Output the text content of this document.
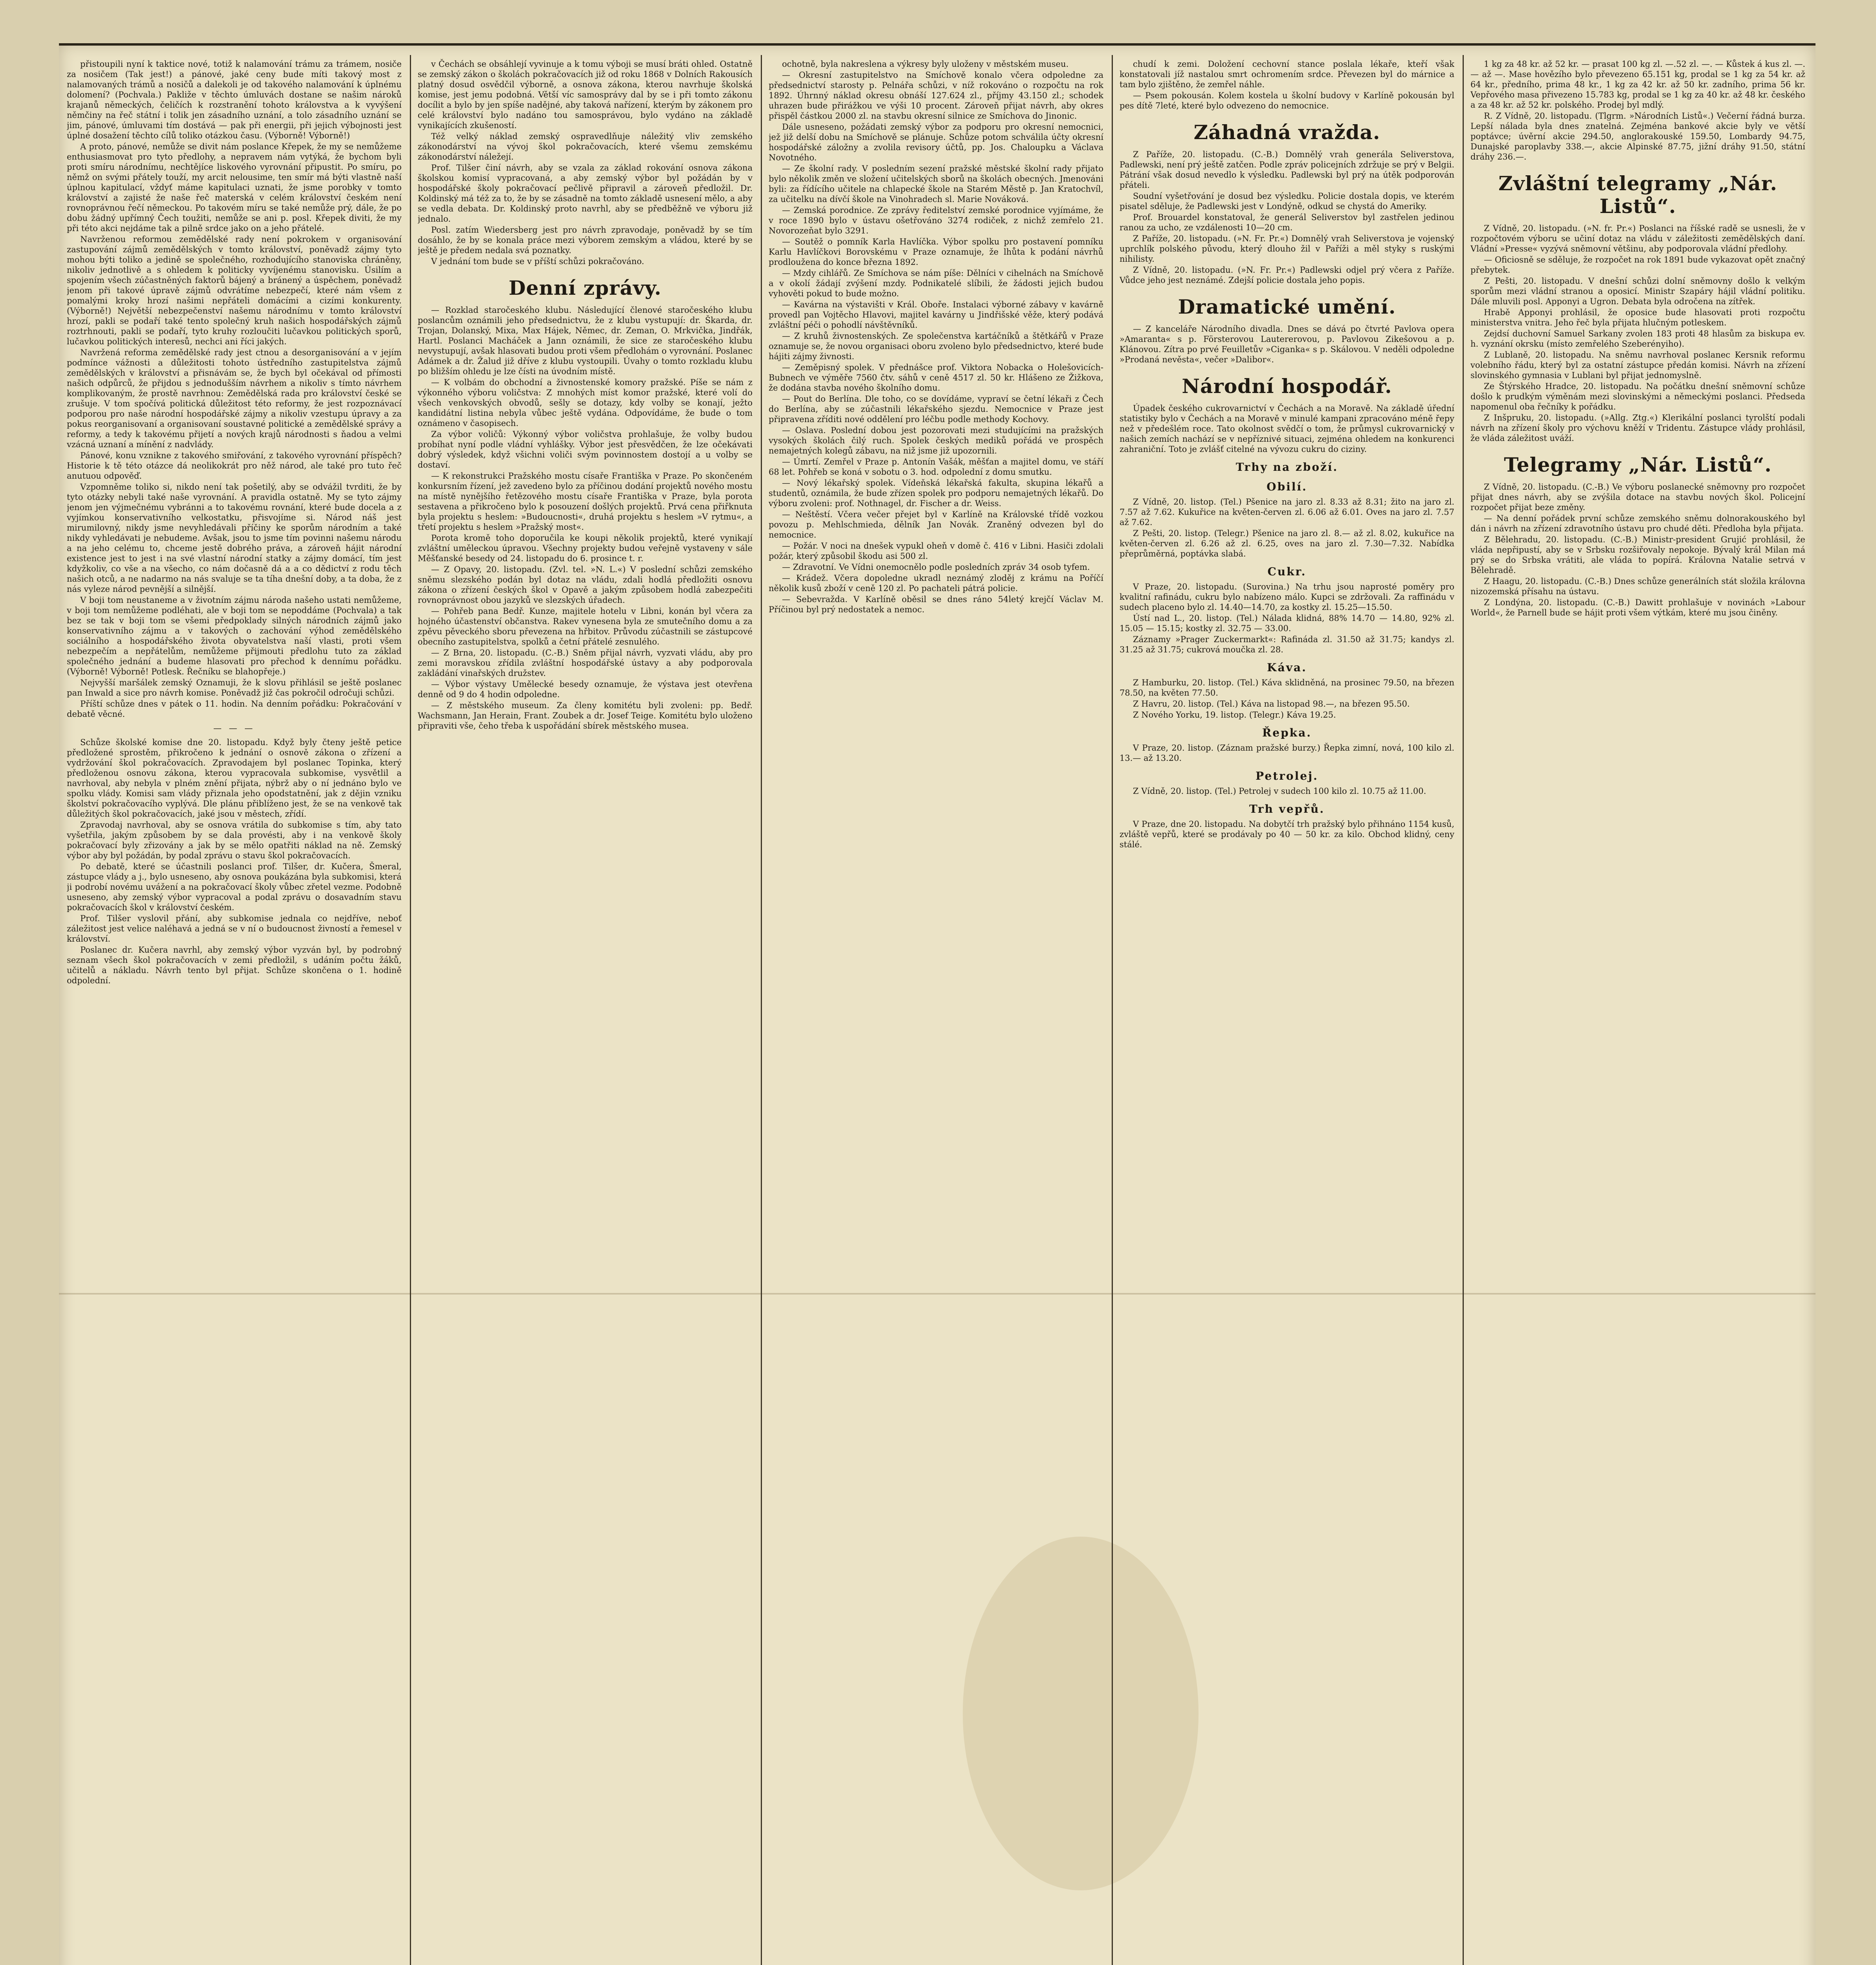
přistoupili nyní k taktice nové, totiž k nalamování trámu za trámem, nosiče za nosičem (Tak jest!) a pánové, jaké ceny bude míti takový most z nalamovaných trámů a nosičů a dalekoli je od takového nalamování k úplnému dolomení? (Pochvala.) Pakliže v těchto úmluvách dostane se našim nároků krajanů německých, čeličích k rozstranění tohoto královstva a k vyvýšení němčiny na řeč státní i tolik jen zásadního uznání, a tolo zásadního uznání se jim, pánové, úmluvami tím dostává — pak při energii, při jejich výbojnosti jest úplné dosažení těchto cílů toliko otázkou času. (Výborně! Výborně!)

A proto, pánové, nemůže se divit nám poslance Křepek, že my se nemůžeme enthusiasmovat pro tyto předlohy, a nepravem nám vytýká, že bychom byli proti smíru národnímu, nechtějíce liskového vyrovnání připustit. Po smíru, po němž on svými přátely touží, my arcit nelousime, ten smír má býti vlastně naší úplnou kapitulací, vždyť máme kapitulaci uznati, že jsme porobky v tomto království a zajisté že naše řeč materská v celém království českém není rovnoprávnou řečí německou. Po takovém míru se také nemůže prý, dále, že po dobu žádný upřímný Čech toužiti, nemůže se ani p. posl. Křepek diviti, že my při této akci nejdáme tak a pilně srdce jako on a jeho přátelé.

Navrženou reformou zemědělské rady není pokrokem v organisování zastupování zájmů zemědělských v tomto království, poněvadž zájmy tyto mohou býti toliko a jedině se společného, rozhodujícího stanoviska chráněny, nikoliv jednotlivě a s ohledem k politicky vyvíjenému stanovisku. Úsilím a spojením všech zúčastněných faktorů bájený a bránený a úspěchem, poněvadž jenom při takové úpravě zájmů odvrátíme nebezpečí, které nám všem z pomalými kroky hrozí našimi nepřáteli domácími a cizími konkurenty. (Výborně!) Největší nebezpečenství našemu národnímu v tomto království hrozí, pakli se podaří také tento společný kruh našich hospodářských zájmů roztrhnouti, pakli se podaří, tyto kruhy rozloučiti lučavkou politických sporů, lučavkou politických interesů, nechci ani říci jakých.

Navržená reforma zemědělské rady jest ctnou a desorganisování a v jejím podmínce vážnosti a důležitosti tohoto ústředního zastupitelstva zájmů zemědělských v království a přisnávám se, že bych byl očekával od přímosti našich odpůrců, že přijdou s jednodušším návrhem a nikoliv s tímto návrhem komplikovaným, že prostě navrhnou: Zemědělská rada pro království české se zrušuje. V tom spočívá politická důležitost této reformy, že jest rozpoznávací podporou pro naše národní hospodářské zájmy a nikoliv vzestupu úpravy a za pokus reorganisovaní a organisovaní soustavné politické a zemědělské správy a reformy, a tedy k takovému přijetí a nových krajů národnosti s ňadou a velmi vzácná uznaní a mínění z nadvlády.

Pánové, konu vznikne z takového smiřování, z takového vyrovnání příspěch? Historie k tě této otázce dá neolikokrát pro něž národ, ale také pro tuto řeč anutuou odpověď.

Vzpomněme toliko si, nikdo není tak pošetilý, aby se odvážil tvrditi, že by tyto otázky nebyli také naše vyrovnání. A pravidla ostatně. My se tyto zájmy jenom jen výjmečnému vybránni a to takovému rovnání, které bude docela a z vyjímkou konservativního velkostatku, přisvojíme si. Národ náš jest mirumilovný, nikdy jsme nevyhledávali příčiny ke sporům národním a také nikdy vyhledávati je nebudeme. Avšak, jsou to jsme tím povinni našemu národu a na jeho celému to, chceme jestě dobrého práva, a zároveň hájit národní existence jest to jest i na své vlastní národní statky a zájmy domácí, tím jest kdyžkoliv, co vše a na všecho, co nám dočasně dá a a co dědictví z rodu těch našich otců, a ne nadarmo na nás svaluje se ta tíha dnešní doby, a ta doba, že z nás vyleze národ pevnější a silnější.

V boji tom neustaneme a v životním zájmu národa našeho ustati nemůžeme, v boji tom nemůžeme podléhati, ale v boji tom se nepoddáme (Pochvala) a tak bez se tak v boji tom se všemi předpoklady silných národních zájmů jako konservativního zájmu a v takových o zachování výhod zemědělského sociálního a hospodářského života obyvatelstva naší vlasti, proti všem nebezpečím a nepřátelům, nemůžeme přijmouti předlohu tuto za základ společného jednání a budeme hlasovati pro přechod k dennímu pořádku. (Výborně! Výborně! Potlesk. Řečníku se blahopřeje.)

Nejvyšší maršálek zemský Oznamuji, že k slovu přihlásil se ještě poslanec pan Inwald a sice pro návrh komise. Poněvadž již čas pokročil odročuji schůzi.

Příští schůze dnes v pátek o 11. hodin. Na denním pořádku: Pokračování v debatě věcné.

— — —

Schůze školské komise dne 20. listopadu. Když byly čteny ještě petice předložené sprostěm, přikročeno k jednání o osnově zákona o zřízení a vydržování škol pokračovacích. Zpravodajem byl poslanec Topinka, který předloženou osnovu zákona, kterou vypracovala subkomise, vysvětlil a navrhoval, aby nebyla v plném znění přijata, nýbrž aby o ní jednáno bylo ve spolku vlády. Komisi sam vlády přiznala jeho opodstatnění, jak z dějin vzniku školství pokračovacího vyplývá. Dle plánu přiblíženo jest, že se na venkově tak důležitých škol pokračovacích, jaké jsou v městech, zřídí.

Zpravodaj navrhoval, aby se osnova vrátila do subkomise s tím, aby tato vyšetřila, jakým způsobem by se dala provésti, aby i na venkově školy pokračovací byly zřizovány a jak by se mělo opatřiti náklad na ně. Zemský výbor aby byl požádán, by podal zprávu o stavu škol pokračovacích.

Po debatě, které se účastnili poslanci prof. Tilšer, dr. Kučera, Šmeral, zástupce vlády a j., bylo usneseno, aby osnova poukázána byla subkomisi, která ji podrobí novému uvážení a na pokračovací školy vůbec zřetel vezme. Podobně usneseno, aby zemský výbor vypracoval a podal zprávu o dosavadním stavu pokračovacích škol v království českém.

Prof. Tilšer vyslovil přání, aby subkomise jednala co nejdříve, neboť záležitost jest velice naléhavá a jedná se v ní o budoucnost živností a řemesel v království.

Poslanec dr. Kučera navrhl, aby zemský výbor vyzván byl, by podrobný seznam všech škol pokračovacích v zemi předložil, s udáním počtu žáků, učitelů a nákladu. Návrh tento byl přijat. Schůze skončena o 1. hodině odpolední.

v Čechách se obsáhlejí vyvinuje a k tomu výboji se musí bráti ohled. Ostatně se zemský zákon o školách pokračovacích již od roku 1868 v Dolních Rakousích platný dosud osvědčil výborně, a osnova zákona, kterou navrhuje školská komise, jest jemu podobná. Větší víc samosprávy dal by se i při tomto zákonu docílit a bylo by jen spíše nadějné, aby taková nařízení, kterým by zákonem pro celé království bylo nadáno tou samosprávou, bylo vydáno na základě vynikajících zkušeností.

Též velký náklad zemský ospravedlňuje náležitý vliv zemského zákonodárství na vývoj škol pokračovacích, které všemu zemskému zákonodárství náležejí.

Prof. Tilšer činí návrh, aby se vzala za základ rokování osnova zákona školskou komisí vypracovaná, a aby zemský výbor byl požádán by v hospodářské školy pokračovací pečlivě připravil a zároveň předložil. Dr. Koldinský má též za to, že by se zásadně na tomto základě usnesení mělo, a aby se vedla debata. Dr. Koldinský proto navrhl, aby se předběžně ve výboru již jednalo.

Posl. zatím Wiedersberg jest pro návrh zpravodaje, poněvadž by se tím dosáhlo, že by se konala práce mezi výborem zemským a vládou, které by se ještě je předem nedala svá poznatky.

V jednání tom bude se v příští schůzi pokračováno.

Denní zprávy.

— Rozklad staročeského klubu. Následující členové staročeského klubu poslancům oznámili jeho předsednictvu, že z klubu vystupují: dr. Škarda, dr. Trojan, Dolanský, Mixa, Max Hájek, Němec, dr. Zeman, O. Mrkvička, Jindřák, Hartl. Poslanci Macháček a Jann oznámili, že sice ze staročeského klubu nevystupují, avšak hlasovati budou proti všem předlohám o vyrovnání. Poslanec Adámek a dr. Žalud již dříve z klubu vystoupili. Úvahy o tomto rozkladu klubu po bližším ohledu je lze čísti na úvodním místě.

— K volbám do obchodní a živnostenské komory pražské. Píše se nám z výkonného výboru voličstva: Z mnohých míst komor pražské, které volí do všech venkovských obvodů, sešly se dotazy, kdy volby se konají, ježto kandidátní listina nebyla vůbec ještě vydána. Odpovídáme, že bude o tom oznámeno v časopisech.

Za výbor voličů: Výkonný výbor voličstva prohlašuje, že volby budou probíhat nyní podle vládní vyhlášky. Výbor jest přesvědčen, že lze očekávati dobrý výsledek, když všichni voliči svým povinnostem dostojí a u volby se dostaví.

— K rekonstrukci Pražského mostu císaře Františka v Praze. Po skončeném konkursním řízení, jež zavedeno bylo za příčinou dodání projektů nového mostu na místě nynějšího řetězového mostu císaře Františka v Praze, byla porota sestavena a přikročeno bylo k posouzení došlých projektů. Prvá cena přiřknuta byla projektu s heslem: »Budoucnosti«, druhá projektu s heslem »V rytmu«, a třetí projektu s heslem »Pražský most«.

Porota kromě toho doporučila ke koupi několik projektů, které vynikají zvláštní uměleckou úpravou. Všechny projekty budou veřejně vystaveny v sále Měšťanské besedy od 24. listopadu do 6. prosince t. r.

— Z Opavy, 20. listopadu. (Zvl. tel. »N. L.«) V poslední schůzi zemského sněmu slezského podán byl dotaz na vládu, zdali hodlá předložiti osnovu zákona o zřízení českých škol v Opavě a jakým způsobem hodlá zabezpečiti rovnoprávnost obou jazyků ve slezských úřadech.

— Pohřeb pana Bedř. Kunze, majitele hotelu v Libni, konán byl včera za hojného účastenství občanstva. Rakev vynesena byla ze smutečního domu a za zpěvu pěveckého sboru převezena na hřbitov. Průvodu zúčastnili se zástupcové obecního zastupitelstva, spolků a četní přátelé zesnulého.

— Z Brna, 20. listopadu. (C.-B.) Sněm přijal návrh, vyzvati vládu, aby pro zemi moravskou zřídila zvláštní hospodářské ústavy a aby podporovala zakládání vinařských družstev.

— Výbor výstavy Umělecké besedy oznamuje, že výstava jest otevřena denně od 9 do 4 hodin odpoledne.

— Z městského museum. Za členy komitétu byli zvoleni: pp. Bedř. Wachsmann, Jan Herain, Frant. Zoubek a dr. Josef Teige. Komitétu bylo uloženo připraviti vše, čeho třeba k uspořádání sbírek městského musea.

ochotně, byla nakreslena a výkresy byly uloženy v městském museu.

— Okresní zastupitelstvo na Smíchově konalo včera odpoledne za předsednictví starosty p. Pelnářa schůzi, v níž rokováno o rozpočtu na rok 1892. Úhrnný náklad okresu obnáší 127.624 zl., příjmy 43.150 zl.; schodek uhrazen bude přirážkou ve výši 10 procent. Zároveň přijat návrh, aby okres přispěl částkou 2000 zl. na stavbu okresní silnice ze Smíchova do Jinonic.

Dále usneseno, požádati zemský výbor za podporu pro okresní nemocnici, jež již delší dobu na Smíchově se plánuje. Schůze potom schválila účty okresní hospodářské záložny a zvolila revisory účtů, pp. Jos. Chaloupku a Václava Novotného.

— Ze školní rady. V posledním sezení pražské městské školní rady přijato bylo několik změn ve složení učitelských sborů na školách obecných. Jmenováni byli: za řídícího učitele na chlapecké škole na Starém Městě p. Jan Kratochvíl, za učitelku na dívčí škole na Vinohradech sl. Marie Nováková.

— Zemská porodnice. Ze zprávy ředitelství zemské porodnice vyjímáme, že v roce 1890 bylo v ústavu ošetřováno 3274 rodiček, z nichž zemřelo 21. Novorozeňat bylo 3291.

— Soutěž o pomník Karla Havlíčka. Výbor spolku pro postavení pomníku Karlu Havlíčkovi Borovskému v Praze oznamuje, že lhůta k podání návrhů prodloužena do konce března 1892.

— Mzdy cihlářů. Ze Smíchova se nám píše: Dělníci v cihelnách na Smíchově a v okolí žádají zvýšení mzdy. Podnikatelé slíbili, že žádosti jejich budou vyhověti pokud to bude možno.

— Kavárna na výstavišti v Král. Oboře. Instalaci výborné zábavy v kavárně provedl pan Vojtěcho Hlavovi, majitel kavárny u Jindřišské věže, který podává zvláštní péči o pohodlí návštěvníků.

— Z kruhů živnostenských. Ze společenstva kartáčníků a štětkářů v Praze oznamuje se, že novou organisaci oboru zvoleno bylo předsednictvo, které bude hájiti zájmy živnosti.

— Zeměpisný spolek. V přednášce prof. Viktora Nobacka o Holešovicích-Bubnech ve výměře 7560 čtv. sáhů v ceně 4517 zl. 50 kr. Hlášeno ze Žižkova, že dodána stavba nového školního domu.

— Pout do Berlína. Dle toho, co se dovídáme, vypraví se četní lékaři z Čech do Berlína, aby se zúčastnili lékařského sjezdu. Nemocnice v Praze jest připravena zříditi nové oddělení pro léčbu podle methody Kochovy.

— Oslava. Poslední dobou jest pozorovati mezi studujícími na pražských vysokých školách čilý ruch. Spolek českých mediků pořádá ve prospěch nemajetných kolegů zábavu, na niž jsme již upozornili.

— Úmrtí. Zemřel v Praze p. Antonín Vašák, měšťan a majitel domu, ve stáří 68 let. Pohřeb se koná v sobotu o 3. hod. odpolední z domu smutku.

— Nový lékařský spolek. Vídeňská lékařská fakulta, skupina lékařů a studentů, oznámila, že bude zřízen spolek pro podporu nemajetných lékařů. Do výboru zvoleni: prof. Nothnagel, dr. Fischer a dr. Weiss.

— Neštěstí. Včera večer přejet byl v Karlíně na Královské třídě vozkou povozu p. Mehlschmieda, dělník Jan Novák. Zraněný odvezen byl do nemocnice.

— Požár. V noci na dnešek vypukl oheň v domě č. 416 v Libni. Hasiči zdolali požár, který způsobil škodu asi 500 zl.

— Zdravotní. Ve Vídni onemocnělo podle posledních zpráv 34 osob tyfem.

— Krádež. Včera dopoledne ukradl neznámý zloděj z krámu na Poříčí několik kusů zboží v ceně 120 zl. Po pachateli pátrá policie.

— Sebevražda. V Karlíně oběsil se dnes ráno 54letý krejčí Václav M. Příčinou byl prý nedostatek a nemoc.

chudí k zemi. Doložení cechovní stance poslala lékaře, kteří však konstatovali jíž nastalou smrt ochromením srdce. Převezen byl do márnice a tam bylo zjištěno, že zemřel náhle.

— Psem pokousán. Kolem kostela u školní budovy v Karlíně pokousán byl pes dítě 7leté, které bylo odvezeno do nemocnice.

Záhadná vražda.

Z Paříže, 20. listopadu. (C.-B.) Domnělý vrah generála Seliverstova, Padlewski, není prý ještě zatčen. Podle zpráv policejních zdržuje se prý v Belgii. Pátrání však dosud nevedlo k výsledku. Padlewski byl prý na útěk podporován přáteli.

Soudní vyšetřování je dosud bez výsledku. Policie dostala dopis, ve kterém pisatel sděluje, že Padlewski jest v Londýně, odkud se chystá do Ameriky.

Prof. Brouardel konstatoval, že generál Seliverstov byl zastřelen jedinou ranou za ucho, ze vzdálenosti 10—20 cm.

Z Paříže, 20. listopadu. (»N. Fr. Pr.«) Domnělý vrah Seliverstova je vojenský uprchlík polského původu, který dlouho žil v Paříži a měl styky s ruskými nihilisty.

Z Vídně, 20. listopadu. (»N. Fr. Pr.«) Padlewski odjel prý včera z Paříže. Vůdce jeho jest neznámé. Zdejší policie dostala jeho popis.

Dramatické umění.

— Z kanceláře Národního divadla. Dnes se dává po čtvrté Pavlova opera »Amaranta« s p. Försterovou Lautererovou, p. Pavlovou Zikešovou a p. Klánovou. Zítra po prvé Feuilletův »Ciganka« s p. Skálovou. V neděli odpoledne »Prodaná nevěsta«, večer »Dalibor«.

Národní hospodář.

Úpadek českého cukrovarnictví v Čechách a na Moravě. Na základě úřední statistiky bylo v Čechách a na Moravě v minulé kampani zpracováno méně řepy než v předešlém roce. Tato okolnost svědčí o tom, že průmysl cukrovarnický v našich zemích nachází se v nepříznivé situaci, zejména ohledem na konkurenci zahraniční. Toto je zvlášť citelné na vývozu cukru do ciziny.

Trhy na zboží.
Obilí.

Z Vídně, 20. listop. (Tel.) Pšenice na jaro zl. 8.33 až 8.31; žito na jaro zl. 7.57 až 7.62. Kukuřice na květen-červen zl. 6.06 až 6.01. Oves na jaro zl. 7.57 až 7.62.

Z Pešti, 20. listop. (Telegr.) Pšenice na jaro zl. 8.— až zl. 8.02, kukuřice na květen-červen zl. 6.26 až zl. 6.25, oves na jaro zl. 7.30—7.32. Nabídka přeprůměrná, poptávka slabá.

Cukr.

V Praze, 20. listopadu. (Surovina.) Na trhu jsou naprosté poměry pro kvalitní rafinádu, cukru bylo nabízeno málo. Kupci se zdržovali. Za raffinádu v sudech placeno bylo zl. 14.40—14.70, za kostky zl. 15.25—15.50.

Ústí nad L., 20. listop. (Tel.) Nálada klidná, 88% 14.70 — 14.80, 92% zl. 15.05 — 15.15; kostky zl. 32.75 — 33.00.

Záznamy »Prager Zuckermarkt«: Rafináda zl. 31.50 až 31.75; kandys zl. 31.25 až 31.75; cukrová moučka zl. 28.

Káva.

Z Hamburku, 20. listop. (Tel.) Káva sklidněná, na prosinec 79.50, na březen 78.50, na květen 77.50.

Z Havru, 20. listop. (Tel.) Káva na listopad 98.—, na březen 95.50.

Z Nového Yorku, 19. listop. (Telegr.) Káva 19.25.

Řepka.

V Praze, 20. listop. (Záznam pražské burzy.) Řepka zimní, nová, 100 kilo zl. 13.— až 13.20.

Petrolej.

Z Vídně, 20. listop. (Tel.) Petrolej v sudech 100 kilo zl. 10.75 až 11.00.

Trh vepřů.

V Praze, dne 20. listopadu. Na dobytčí trh pražský bylo přihnáno 1154 kusů, zvláště vepřů, které se prodávaly po 40 — 50 kr. za kilo. Obchod klidný, ceny stálé.

1 kg za 48 kr. až 52 kr. — prasat 100 kg zl. —.52 zl. —. — Kůstek á kus zl. —.— až —. Mase hovězího bylo převezeno 65.151 kg, prodal se 1 kg za 54 kr. až 64 kr., předního, prima 48 kr., 1 kg za 42 kr. až 50 kr. zadního, prima 56 kr. Vepřového masa přivezeno 15.783 kg, prodal se 1 kg za 40 kr. až 48 kr. českého a za 48 kr. až 52 kr. polského. Prodej byl mdlý.

R. Z Vídně, 20. listopadu. (Tlgrm. »Národních Listů«.) Večerní řádná burza. Lepší nálada byla dnes znatelná. Zejména bankové akcie byly ve větší poptávce; úvěrní akcie 294.50, anglorakouské 159.50, Lombardy 94.75, Dunajské paroplavby 338.—, akcie Alpinské 87.75, jižní dráhy 91.50, státní dráhy 236.—.

Zvláštní telegramy „Nár. Listů“.

Z Vídně, 20. listopadu. (»N. fr. Pr.«) Poslanci na říšské radě se usnesli, že v rozpočtovém výboru se učiní dotaz na vládu v záležitosti zemědělských daní. Vládní »Presse« vyzývá sněmovní většinu, aby podporovala vládní předlohy.

— Oficiosně se sděluje, že rozpočet na rok 1891 bude vykazovat opět značný přebytek.

Z Pešti, 20. listopadu. V dnešní schůzi dolní sněmovny došlo k velkým sporům mezi vládní stranou a oposicí. Ministr Szapáry hájil vládní politiku. Dále mluvili posl. Apponyi a Ugron. Debata byla odročena na zítřek.

Hrabě Apponyi prohlásil, že oposice bude hlasovati proti rozpočtu ministerstva vnitra. Jeho řeč byla přijata hlučným potleskem.

Zejdsí duchovní Samuel Sarkany zvolen 183 proti 48 hlasům za biskupa ev. h. vyznání okrsku (místo zemřelého Szeberényiho).

Z Lublaně, 20. listopadu. Na sněmu navrhoval poslanec Kersnik reformu volebního řádu, který byl za ostatní zástupce předán komisi. Návrh na zřízení slovinského gymnasia v Lublani byl přijat jednomyslně.

Ze Štýrského Hradce, 20. listopadu. Na počátku dnešní sněmovní schůze došlo k prudkým výměnám mezi slovinskými a německými poslanci. Předseda napomenul oba řečníky k pořádku.

Z Inšpruku, 20. listopadu. (»Allg. Ztg.«) Klerikální poslanci tyrolští podali návrh na zřízení školy pro výchovu kněží v Tridentu. Zástupce vlády prohlásil, že vláda záležitost uváží.

Telegramy „Nár. Listů“.

Z Vídně, 20. listopadu. (C.-B.) Ve výboru poslanecké sněmovny pro rozpočet přijat dnes návrh, aby se zvýšila dotace na stavbu nových škol. Policejní rozpočet přijat beze změny.

— Na denní pořádek první schůze zemského sněmu dolnorakouského byl dán i návrh na zřízení zdravotního ústavu pro chudé děti. Předloha byla přijata.

Z Bělehradu, 20. listopadu. (C.-B.) Ministr-president Grujić prohlásil, že vláda nepřipustí, aby se v Srbsku rozšiřovaly nepokoje. Bývalý král Milan má prý se do Srbska vrátiti, ale vláda to popírá. Královna Natalie setrvá v Bělehradě.

Z Haagu, 20. listopadu. (C.-B.) Dnes schůze generálních stát složila královna nizozemská přísahu na ústavu.

Z Londýna, 20. listopadu. (C.-B.) Dawitt prohlašuje v novinách »Labour World«, že Parnell bude se hájit proti všem výtkám, které mu jsou činěny.
